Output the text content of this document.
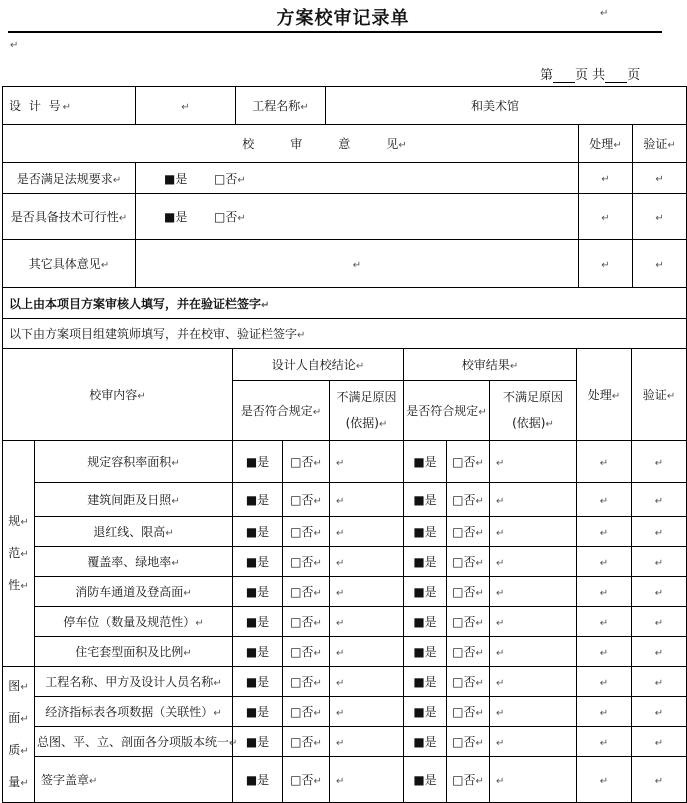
方案校审记录单	↵
↵
第 页 共 页
设 计 号↵	↵	工程名称↵	和美术馆		
校　　　审　　　意　　　见↵				处理↵	验证↵
是否满足法规要求↵	■是 □否↵			↵	↵
是否具备技术可行性↵	■是 □否↵			↵	↵
其它具体意见↵	↵			↵	↵
以上由本项目方案审核人填写，并在验证栏签字↵					
以下由方案项目组建筑师填写，并在校审、验证栏签字↵					
校审内容↵		设计人自校结论↵			校审结果↵			处理↵	验证↵
		是否符合规定↵		不满足原因
(依据)↵	是否符合规定↵		不满足原因
(依据)↵		
规↵
范↵
性↵	规定容积率面积↵	■是	□否↵	↵	■是	□否↵	↵	↵	↵
	建筑间距及日照↵	■是	□否↵	↵	■是	□否↵	↵	↵	↵
	退红线、限高↵	■是	□否↵	↵	■是	□否↵	↵	↵	↵
	覆盖率、绿地率↵	■是	□否↵	↵	■是	□否↵	↵	↵	↵
	消防车通道及登高面↵	■是	□否↵	↵	■是	□否↵	↵	↵	↵
	停车位（数量及规范性）↵	■是	□否↵	↵	■是	□否↵	↵	↵	↵
	住宅套型面积及比例↵	■是	□否↵	↵	■是	□否↵	↵	↵	↵
图↵
面↵
质↵
量↵	工程名称、甲方及设计人员名称↵	■是	□否↵	↵	■是	□否↵	↵	↵	↵
	经济指标表各项数据（关联性）↵	■是	□否↵	↵	■是	□否↵	↵	↵	↵
	总图、平、立、剖面各分项版本统一↵	■是	□否↵	↵	■是	□否↵	↵	↵	↵
	签字盖章↵	■是	□否↵	↵	■是	□否↵	↵	↵	↵
